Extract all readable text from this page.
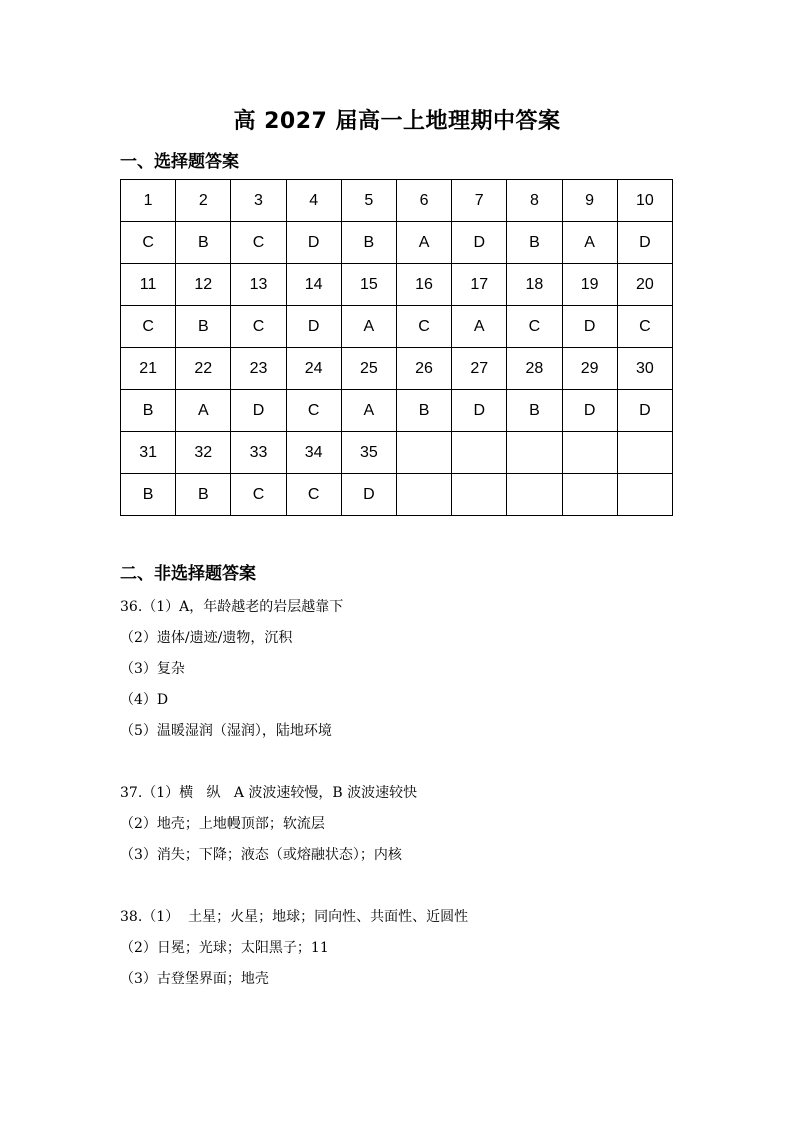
高 2027 届高一上地理期中答案
一、选择题答案
1	2	3	4	5	6	7	8	9	10
C	B	C	D	B	A	D	B	A	D
11	12	13	14	15	16	17	18	19	20
C	B	C	D	A	C	A	C	D	C
21	22	23	24	25	26	27	28	29	30
B	A	D	C	A	B	D	B	D	D
31	32	33	34	35					
B	B	C	C	D					
二、非选择题答案
36.（1）A，年龄越老的岩层越靠下
（2）遗体/遗迹/遗物，沉积
（3）复杂
（4）D
（5）温暖湿润（湿润），陆地环境
37.（1）横   纵   A 波波速较慢，B 波波速较快
（2）地壳；上地幔顶部；软流层
（3）消失；下降；液态（或熔融状态）；内核
38.（1）  土星；火星；地球；同向性、共面性、近圆性
（2）日冕；光球；太阳黑子；11
（3）古登堡界面；地壳
